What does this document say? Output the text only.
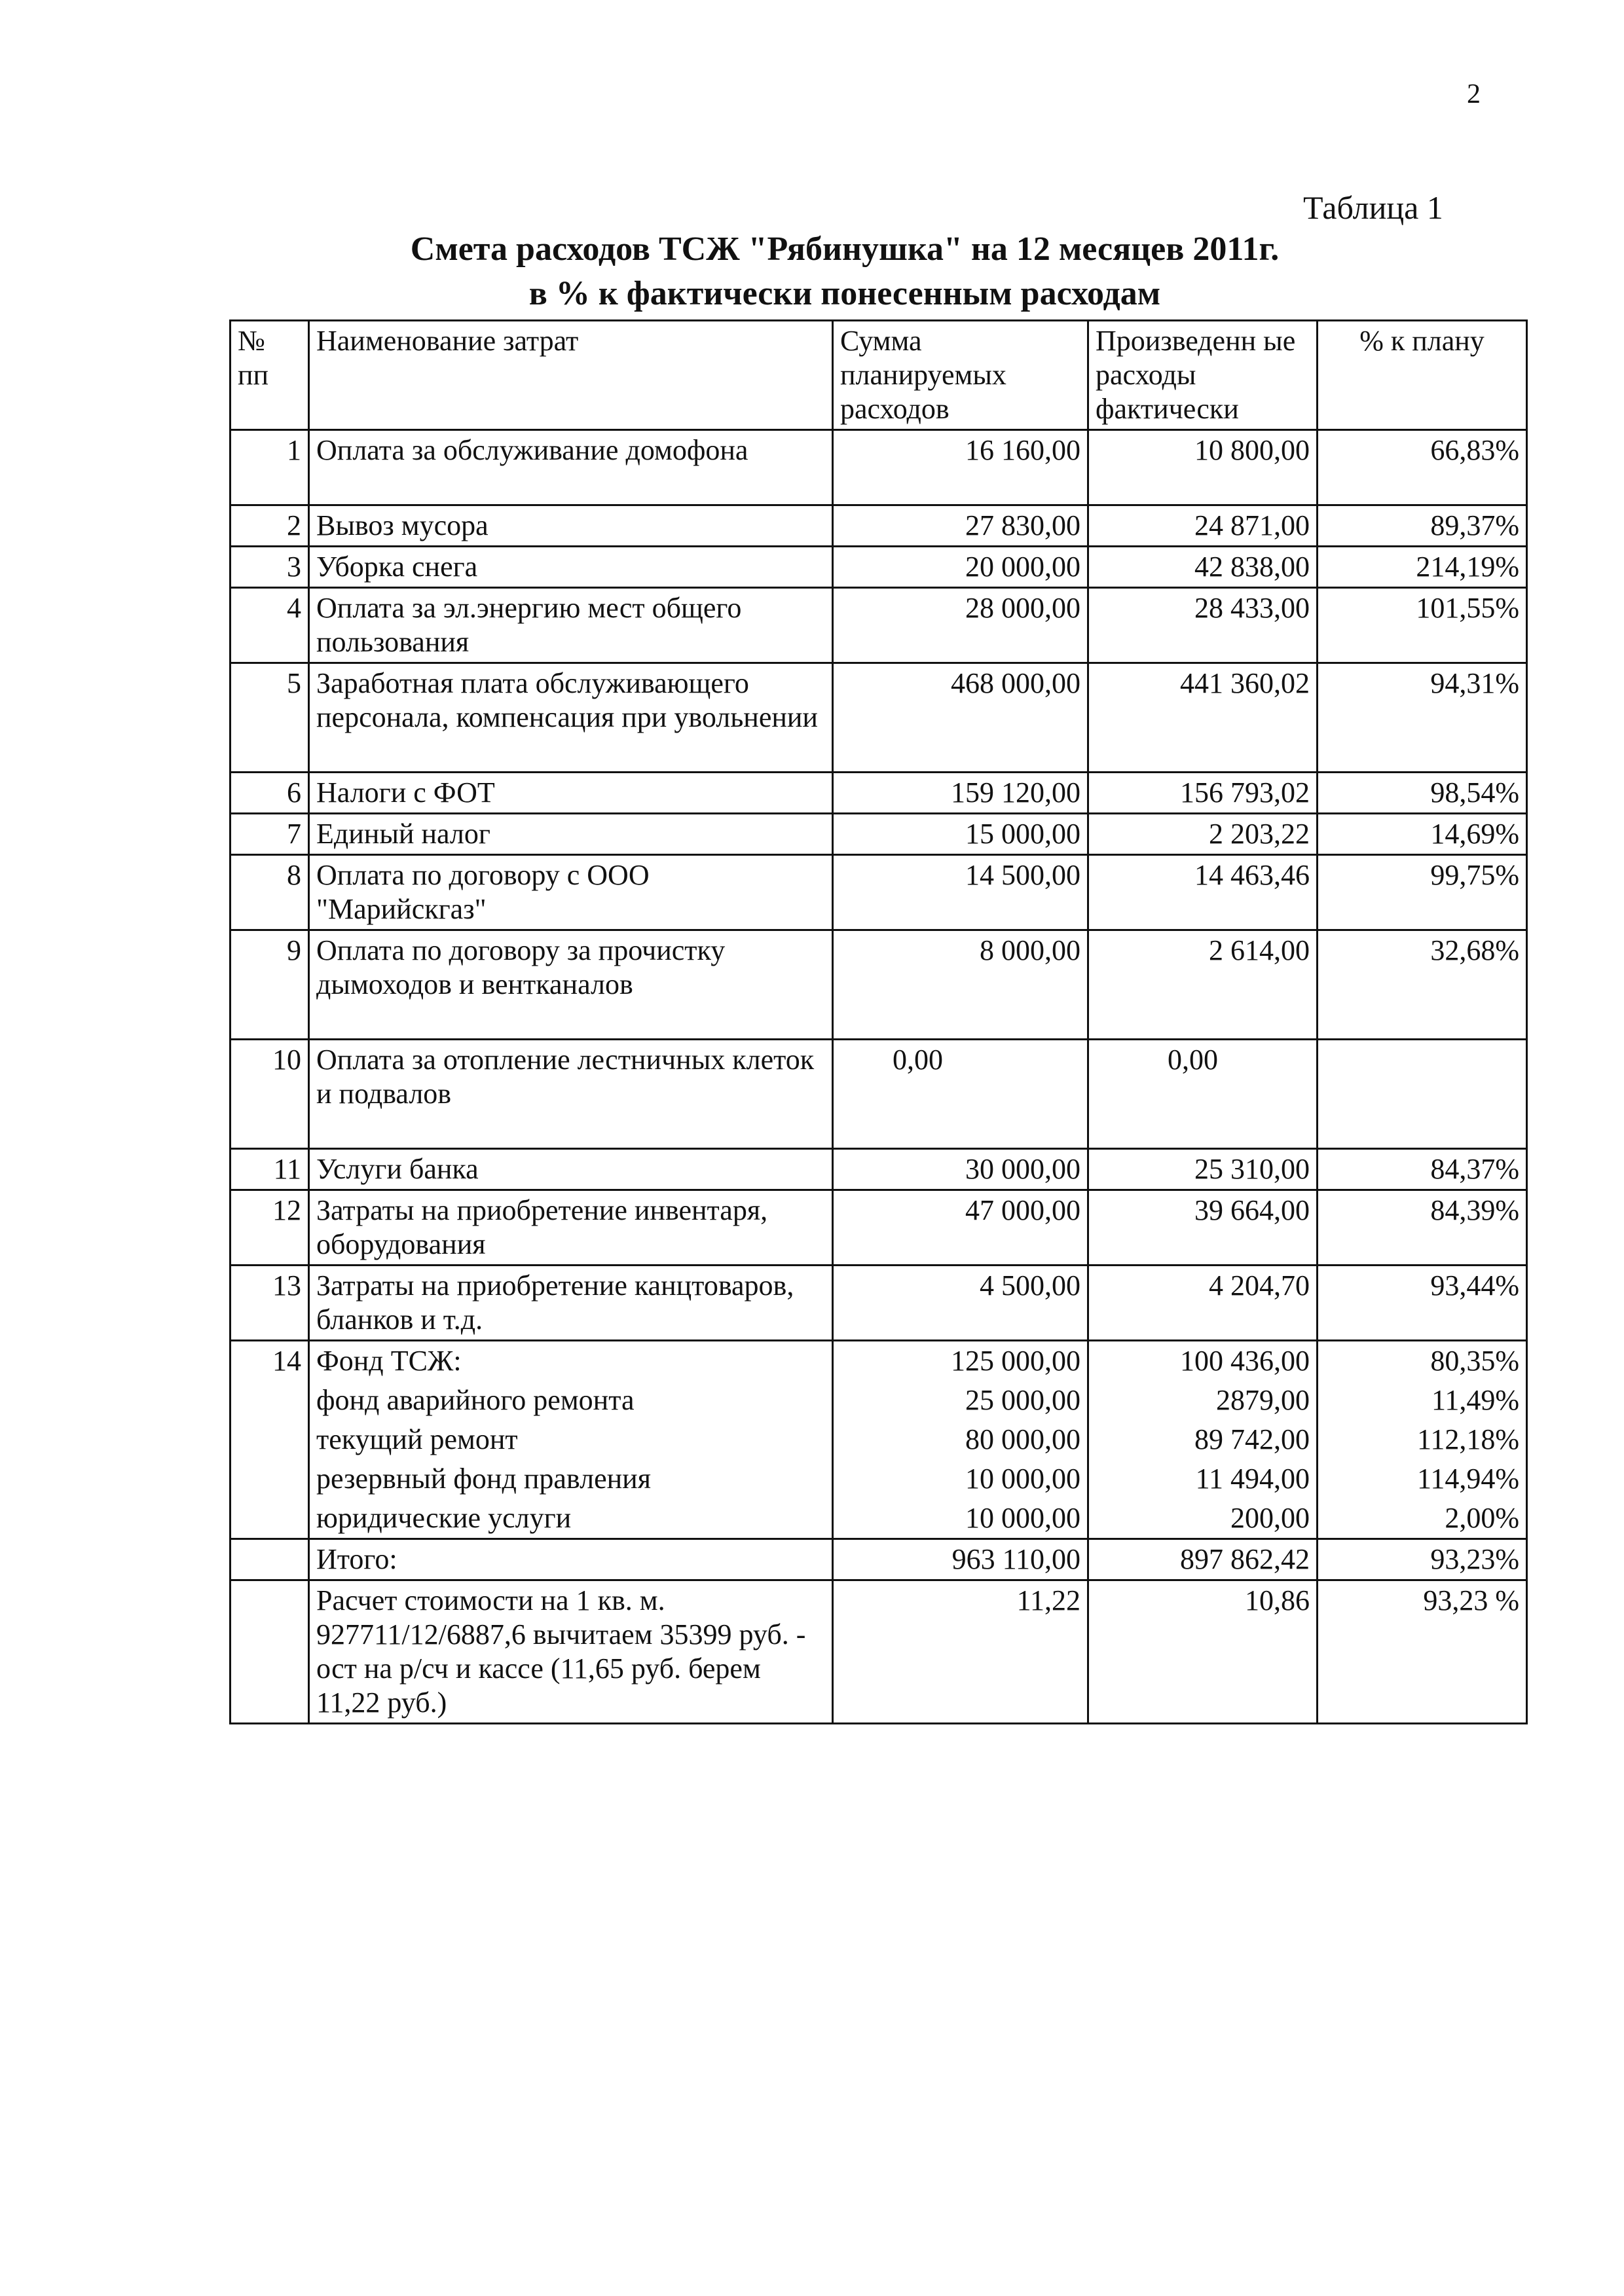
2
Таблица 1
Смета расходов ТСЖ "Рябинушка" на 12 месяцев 2011г.
в % к фактически понесенным расходам
№ пп	Наименование затрат	Сумма планируемых расходов	Произведенн ые расходы фактически	% к плану
1	Оплата за обслуживание домофона	16 160,00	10 800,00	66,83%
2	Вывоз мусора	27 830,00	24 871,00	89,37%
3	Уборка снега	20 000,00	42 838,00	214,19%
4	Оплата за эл.энергию мест общего пользования	28 000,00	28 433,00	101,55%
5	Заработная плата обслуживающего персонала, компенсация при увольнении	468 000,00	441 360,02	94,31%
6	Налоги с ФОТ	159 120,00	156 793,02	98,54%
7	Единый налог	15 000,00	2 203,22	14,69%
8	Оплата по договору с ООО "Марийскгаз"	14 500,00	14 463,46	99,75%
9	Оплата по договору за прочистку дымоходов и вентканалов	8 000,00	2 614,00	32,68%
10	Оплата за отопление лестничных клеток и подвалов	0,00	0,00	
11	Услуги банка	30 000,00	25 310,00	84,37%
12	Затраты на приобретение инвентаря, оборудования	47 000,00	39 664,00	84,39%
13	Затраты на приобретение канцтоваров, бланков и т.д.	4 500,00	4 204,70	93,44%
14	Фонд ТСЖ:	125 000,00	100 436,00	80,35%
	фонд аварийного ремонта	25 000,00	2879,00	11,49%
	текущий ремонт	80 000,00	89 742,00	112,18%
	резервный фонд правления	10 000,00	11 494,00	114,94%
	юридические услуги	10 000,00	200,00	2,00%
	Итого:	963 110,00	897 862,42	93,23%
	Расчет стоимости на 1 кв. м. 927711/12/6887,6 вычитаем 35399 руб. - ост на р/сч и кассе (11,65 руб. берем 11,22 руб.)	11,22	10,86	93,23 %
